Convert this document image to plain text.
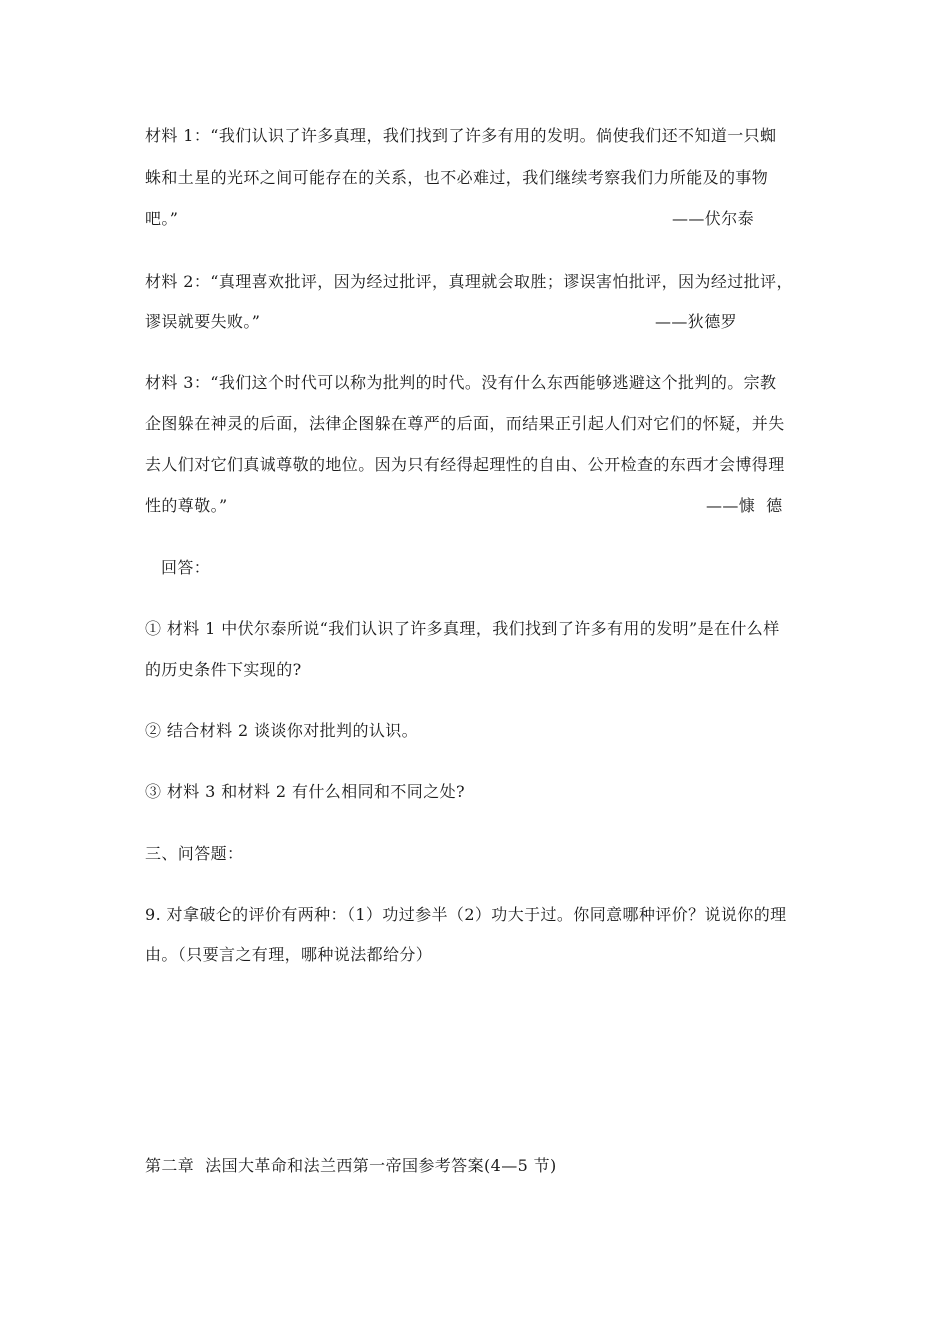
材料 1：“我们认识了许多真理，我们找到了许多有用的发明。倘使我们还不知道一只蜘
蛛和土星的光环之间可能存在的关系，也不必难过，我们继续考察我们力所能及的事物
吧。”	——伏尔泰
材料 2：“真理喜欢批评，因为经过批评，真理就会取胜；谬误害怕批评，因为经过批评，
谬误就要失败。”	——狄德罗
材料 3：“我们这个时代可以称为批判的时代。没有什么东西能够逃避这个批判的。宗教
企图躲在神灵的后面，法律企图躲在尊严的后面，而结果正引起人们对它们的怀疑，并失
去人们对它们真诚尊敬的地位。因为只有经得起理性的自由、公开检查的东西才会博得理
性的尊敬。”	——慷  德
回答：
① 材料 1 中伏尔泰所说“我们认识了许多真理，我们找到了许多有用的发明”是在什么样
的历史条件下实现的?
② 结合材料 2 谈谈你对批判的认识。
③ 材料 3 和材料 2 有什么相同和不同之处?
三、问答题：
9. 对拿破仑的评价有两种：（1）功过参半（2）功大于过。你同意哪种评价？说说你的理
由。（只要言之有理，哪种说法都给分）
第二章  法国大革命和法兰西第一帝国参考答案(4—5 节)
